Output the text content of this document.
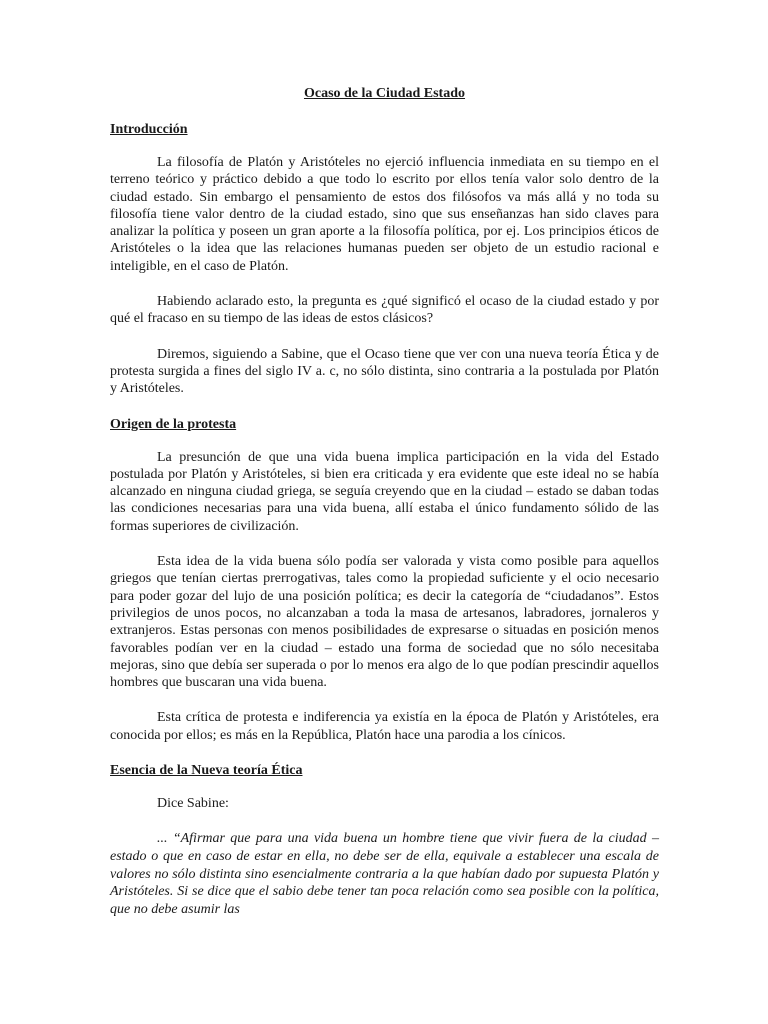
Ocaso de la Ciudad Estado
Introducción

La filosofía de Platón y Aristóteles no ejerció influencia inmediata en su tiempo en el terreno teórico y práctico debido a que todo lo escrito por ellos tenía valor solo dentro de la ciudad estado. Sin embargo el pensamiento de estos dos filósofos va más allá y no toda su filosofía tiene valor dentro de la ciudad estado, sino que sus enseñanzas han sido claves para analizar la política y poseen un gran aporte a la filosofía política, por ej. Los principios éticos de Aristóteles o la idea que las relaciones humanas pueden ser objeto de un estudio racional e inteligible, en el caso de Platón.

Habiendo aclarado esto, la pregunta es ¿qué significó el ocaso de la ciudad estado y por qué el fracaso en su tiempo de las ideas de estos clásicos?

Diremos, siguiendo a Sabine, que el Ocaso tiene que ver con una nueva teoría Ética y de protesta surgida a fines del siglo IV a. c, no sólo distinta, sino contraria a la postulada por Platón y Aristóteles.

Origen de la protesta

La presunción de que una vida buena implica participación en la vida del Estado postulada por Platón y Aristóteles, si bien era criticada y era evidente que este ideal no se había alcanzado en ninguna ciudad griega, se seguía creyendo que en la ciudad – estado se daban todas las condiciones necesarias para una vida buena, allí estaba el único fundamento sólido de las formas superiores de civilización.

Esta idea de la vida buena sólo podía ser valorada y vista como posible para aquellos griegos que tenían ciertas prerrogativas, tales como la propiedad suficiente y el ocio necesario para poder gozar del lujo de una posición política; es decir la categoría de “ciudadanos”. Estos privilegios de unos pocos, no alcanzaban a toda la masa de artesanos, labradores, jornaleros y extranjeros. Estas personas con menos posibilidades de expresarse o situadas en posición menos favorables podían ver en la ciudad – estado una forma de sociedad que no sólo necesitaba mejoras, sino que debía ser superada o por lo menos era algo de lo que podían prescindir aquellos hombres que buscaran una vida buena.

Esta crítica de protesta e indiferencia ya existía en la época de Platón y Aristóteles, era conocida por ellos; es más en la República, Platón hace una parodia a los cínicos.

Esencia de la Nueva teoría Ética

Dice Sabine:

... “Afirmar que para una vida buena un hombre tiene que vivir fuera de la ciudad – estado o que en caso de estar en ella, no debe ser de ella, equivale a establecer una escala de valores no sólo distinta sino esencialmente contraria a la que habían dado por supuesta Platón y Aristóteles. Si se dice que el sabio debe tener tan poca relación como sea posible con la política, que no debe asumir las
